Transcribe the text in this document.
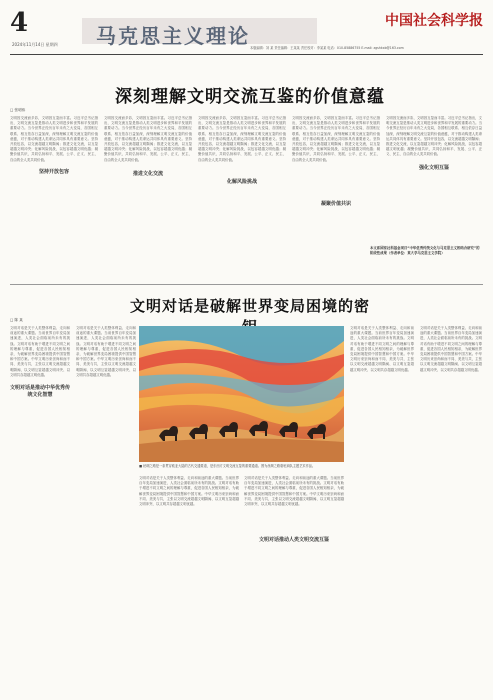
4
2024年11月14日 星期四 马克思主义理论
中国社会科学报
本版编辑：刘 某 责任编辑：王某某 责任校对：李某某 电话：010-85886755 E-mail: zgshkxb@163.com
深刻理解文明交流互鉴的价值意蕴
□ 张明伟
文明因交流而多彩，文明因互鉴而丰富。习近平总书记指出，文明交流互鉴是推动人类文明进步和世界和平发展的重要动力。当今世界正经历百年未有之大变局，各国相互联系、相互依存日益加深，深刻理解文明交流互鉴的价值意蕴，对于推动构建人类命运共同体具有重要意义。坚持开放包容，以交流超越文明隔阂；推进文化交流，以互鉴超越文明冲突；化解风险挑战，以包容超越文明优越；凝聚价值共识，共同弘扬和平、发展、公平、正义、民主、自由的全人类共同价值。
坚持开放包容
文明因交流而多彩，文明因互鉴而丰富。习近平总书记指出，文明交流互鉴是推动人类文明进步和世界和平发展的重要动力。当今世界正经历百年未有之大变局，各国相互联系、相互依存日益加深，深刻理解文明交流互鉴的价值意蕴，对于推动构建人类命运共同体具有重要意义。坚持开放包容，以交流超越文明隔阂；推进文化交流，以互鉴超越文明冲突；化解风险挑战，以包容超越文明优越；凝聚价值共识，共同弘扬和平、发展、公平、正义、民主、自由的全人类共同价值。
推进文化交流
文明因交流而多彩，文明因互鉴而丰富。习近平总书记指出，文明交流互鉴是推动人类文明进步和世界和平发展的重要动力。当今世界正经历百年未有之大变局，各国相互联系、相互依存日益加深，深刻理解文明交流互鉴的价值意蕴，对于推动构建人类命运共同体具有重要意义。坚持开放包容，以交流超越文明隔阂；推进文化交流，以互鉴超越文明冲突；化解风险挑战，以包容超越文明优越；凝聚价值共识，共同弘扬和平、发展、公平、正义、民主、自由的全人类共同价值。
化解风险挑战
文明因交流而多彩，文明因互鉴而丰富。习近平总书记指出，文明交流互鉴是推动人类文明进步和世界和平发展的重要动力。当今世界正经历百年未有之大变局，各国相互联系、相互依存日益加深，深刻理解文明交流互鉴的价值意蕴，对于推动构建人类命运共同体具有重要意义。坚持开放包容，以交流超越文明隔阂；推进文化交流，以互鉴超越文明冲突；化解风险挑战，以包容超越文明优越；凝聚价值共识，共同弘扬和平、发展、公平、正义、民主、自由的全人类共同价值。
凝聚价值共识
文明因交流而多彩，文明因互鉴而丰富。习近平总书记指出，文明交流互鉴是推动人类文明进步和世界和平发展的重要动力。当今世界正经历百年未有之大变局，各国相互联系、相互依存日益加深，深刻理解文明交流互鉴的价值意蕴，对于推动构建人类命运共同体具有重要意义。坚持开放包容，以交流超越文明隔阂；推进文化交流，以互鉴超越文明冲突；化解风险挑战，以包容超越文明优越；凝聚价值共识，共同弘扬和平、发展、公平、正义、民主、自由的全人类共同价值。
强化文明互鉴
本文系国家社科基金项目“中华优秀传统文化与马克思主义相结合研究”的阶段性成果（作者单位：某大学马克思主义学院）
文明对话是破解世界变局困境的密
□ 陈 某
文明对话是关于人类整体利益、走向和前途的重大课题。当前世界百年变局加速演进，人类社会面临前所未有的挑战。文明对话有助于增进不同文明之间的理解与尊重，促进各国人民相知相亲，为破解世界变局困境提供中国智慧和中国方案。中华文明历来崇尚和而不同、美美与共，主张以文明交流超越文明隔阂、以文明互鉴超越文明冲突、以文明共存超越文明优越。
文明对话是推动中华优秀传统文化智慧
文明对话是关于人类整体利益、走向和前途的重大课题。当前世界百年变局加速演进，人类社会面临前所未有的挑战。文明对话有助于增进不同文明之间的理解与尊重，促进各国人民相知相亲，为破解世界变局困境提供中国智慧和中国方案。中华文明历来崇尚和而不同、美美与共，主张以文明交流超越文明隔阂、以文明互鉴超越文明冲突、以文明共存超越文明优越。
■ 丝绸之路是一条贯穿欧亚大陆的古代交通要道，是东西方文明交流互鉴的重要通道。图为丝绸之路骆驼商队主题艺术作品。
文明对话是关于人类整体利益、走向和前途的重大课题。当前世界百年变局加速演进，人类社会面临前所未有的挑战。文明对话有助于增进不同文明之间的理解与尊重，促进各国人民相知相亲，为破解世界变局困境提供中国智慧和中国方案。中华文明历来崇尚和而不同、美美与共，主张以文明交流超越文明隔阂、以文明互鉴超越文明冲突、以文明共存超越文明优越。
文明对话推动人类文明交流互鉴
文明对话是关于人类整体利益、走向和前途的重大课题。当前世界百年变局加速演进，人类社会面临前所未有的挑战。文明对话有助于增进不同文明之间的理解与尊重，促进各国人民相知相亲，为破解世界变局困境提供中国智慧和中国方案。中华文明历来崇尚和而不同、美美与共，主张以文明交流超越文明隔阂、以文明互鉴超越文明冲突、以文明共存超越文明优越。
文明对话是关于人类整体利益、走向和前途的重大课题。当前世界百年变局加速演进，人类社会面临前所未有的挑战。文明对话有助于增进不同文明之间的理解与尊重，促进各国人民相知相亲，为破解世界变局困境提供中国智慧和中国方案。中华文明历来崇尚和而不同、美美与共，主张以文明交流超越文明隔阂、以文明互鉴超越文明冲突、以文明共存超越文明优越。
文明对话是关于人类整体利益、走向和前途的重大课题。当前世界百年变局加速演进，人类社会面临前所未有的挑战。文明对话有助于增进不同文明之间的理解与尊重，促进各国人民相知相亲，为破解世界变局困境提供中国智慧和中国方案。中华文明历来崇尚和而不同、美美与共，主张以文明交流超越文明隔阂、以文明互鉴超越文明冲突、以文明共存超越文明优越。
